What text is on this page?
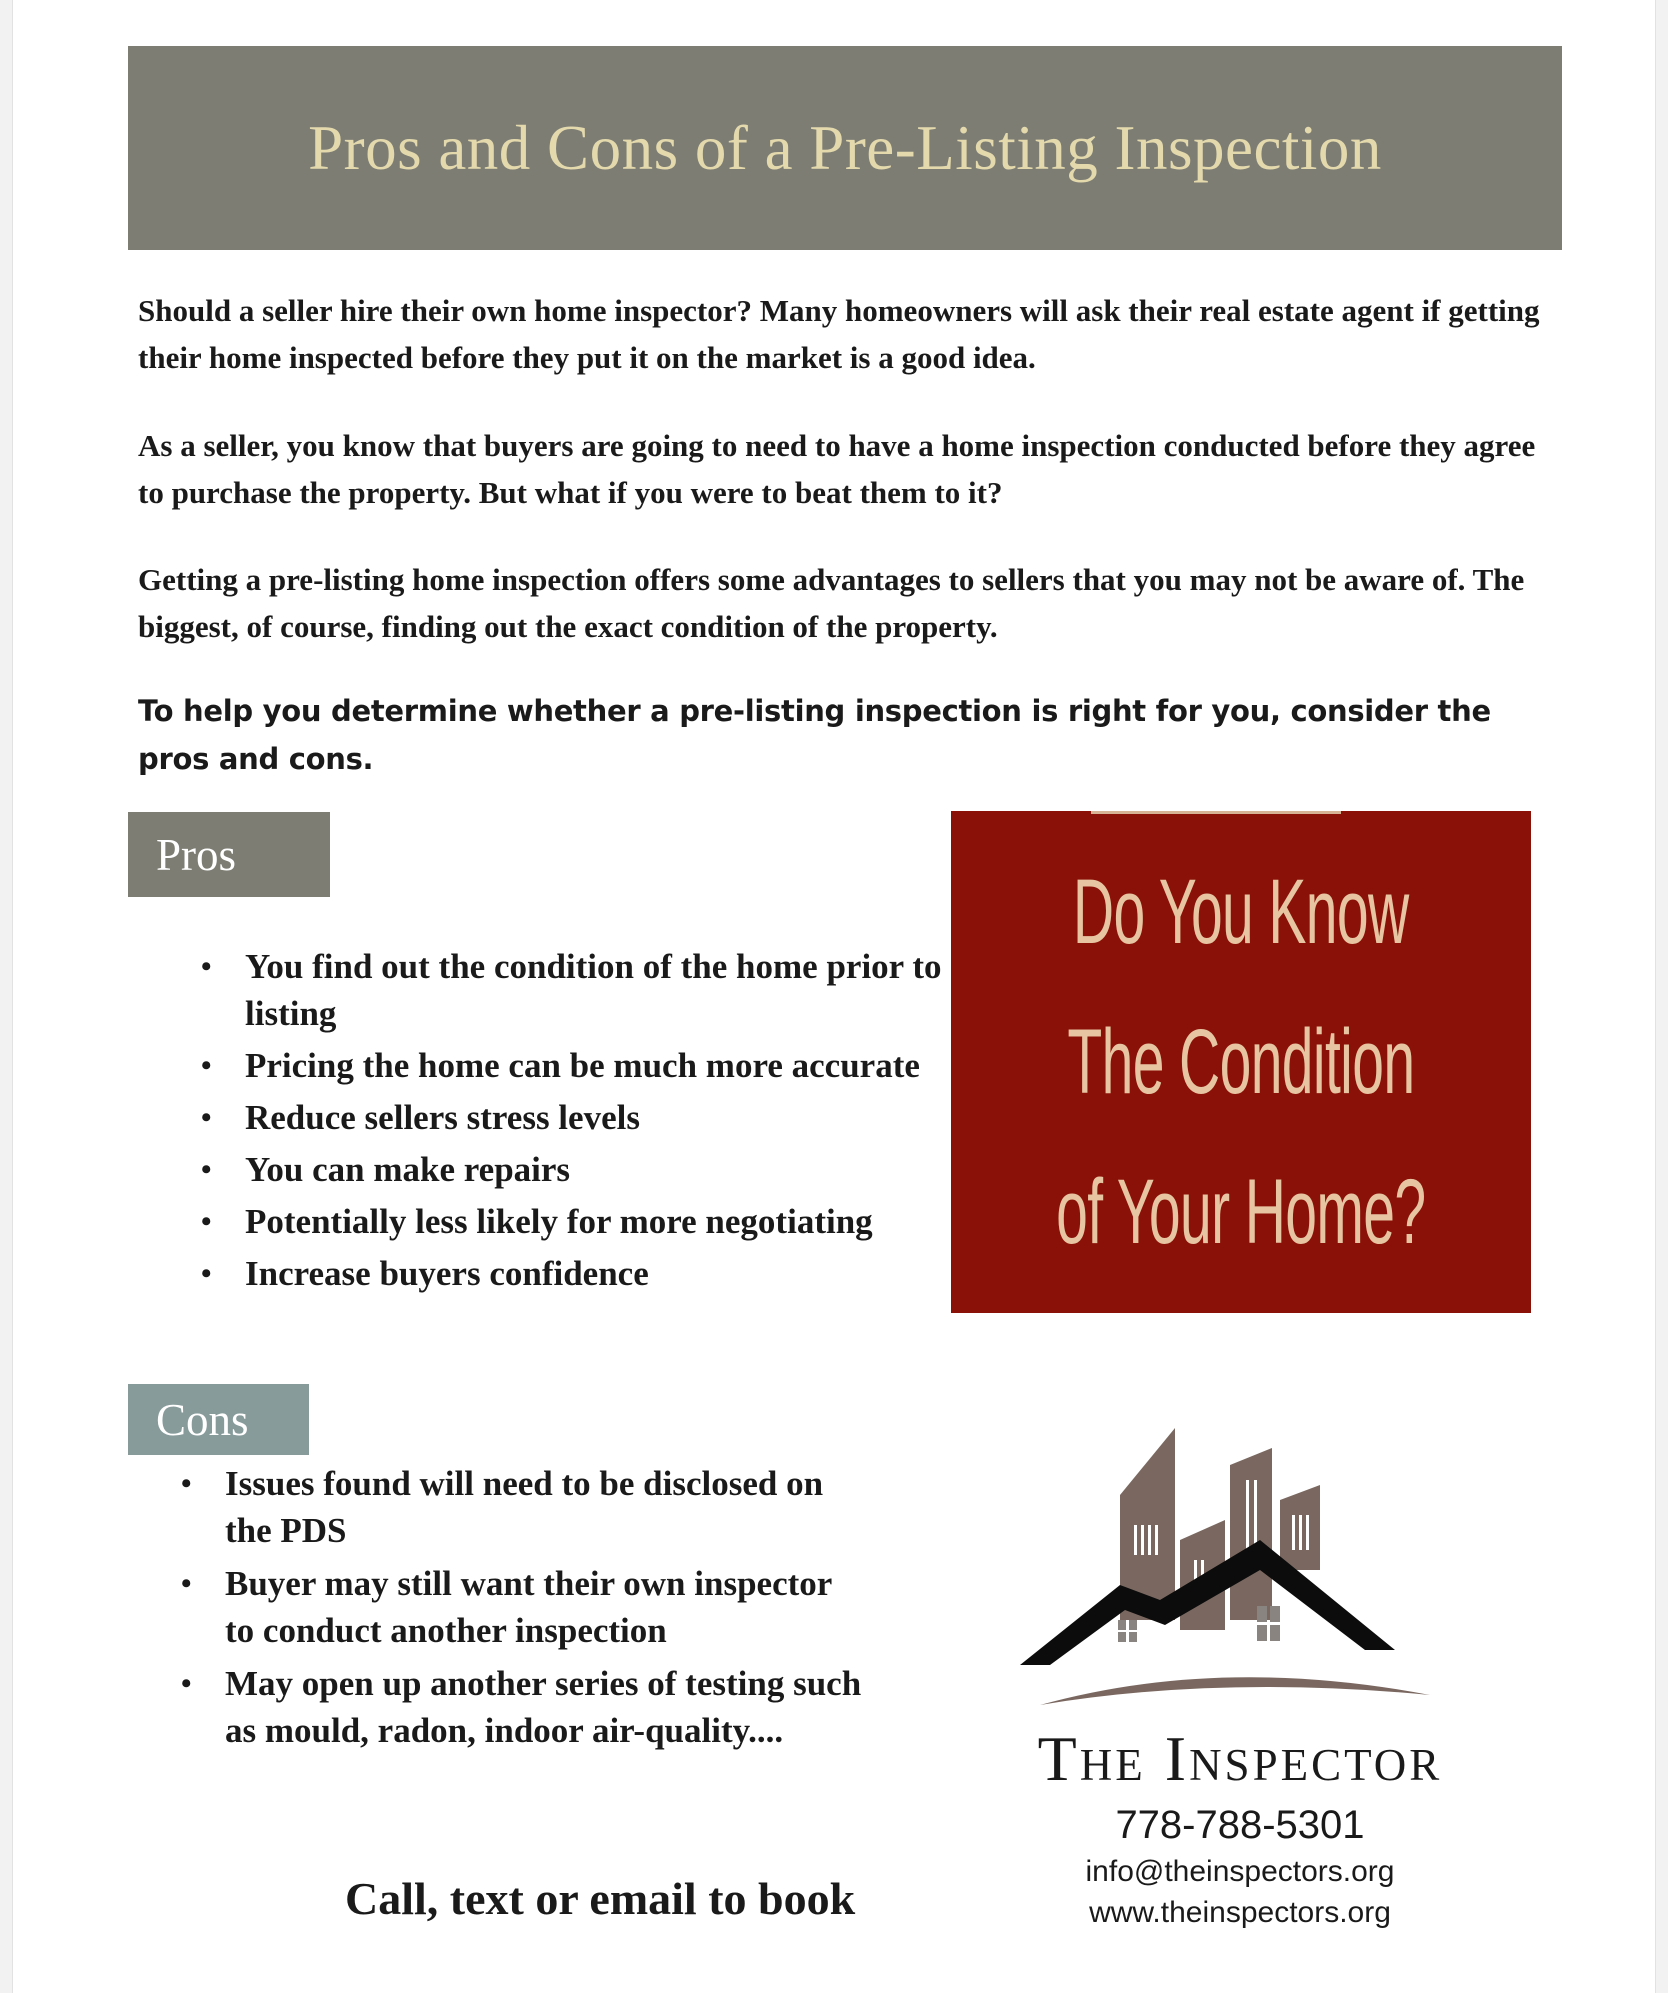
Pros and Cons of a Pre-Listing Inspection

Should a seller hire their own home inspector? Many homeowners will ask their real estate agent if getting their home inspected before they put it on the market is a good idea.

As a seller, you know that buyers are going to need to have a home inspection conducted before they agree to purchase the property. But what if you were to beat them to it?

Getting a pre-listing home inspection offers some advantages to sellers that you may not be aware of. The biggest, of course, finding out the exact condition of the property.

To help you determine whether a pre-listing inspection is right for you, consider the pros and cons.

Pros
• You find out the condition of the home prior to listing
• Pricing the home can be much more accurate
• Reduce sellers stress levels
• You can make repairs
• Potentially less likely for more negotiating
• Increase buyers confidence
Do You Know
The Condition
of Your Home?
Cons
• Issues found will need to be disclosed on the PDS
• Buyer may still want their own inspector to conduct another inspection
• May open up another series of testing such as mould, radon, indoor air-quality....	The Inspector

778-788-5301
info@theinspectors.org
www.theinspectors.org

Call, text or email to book
